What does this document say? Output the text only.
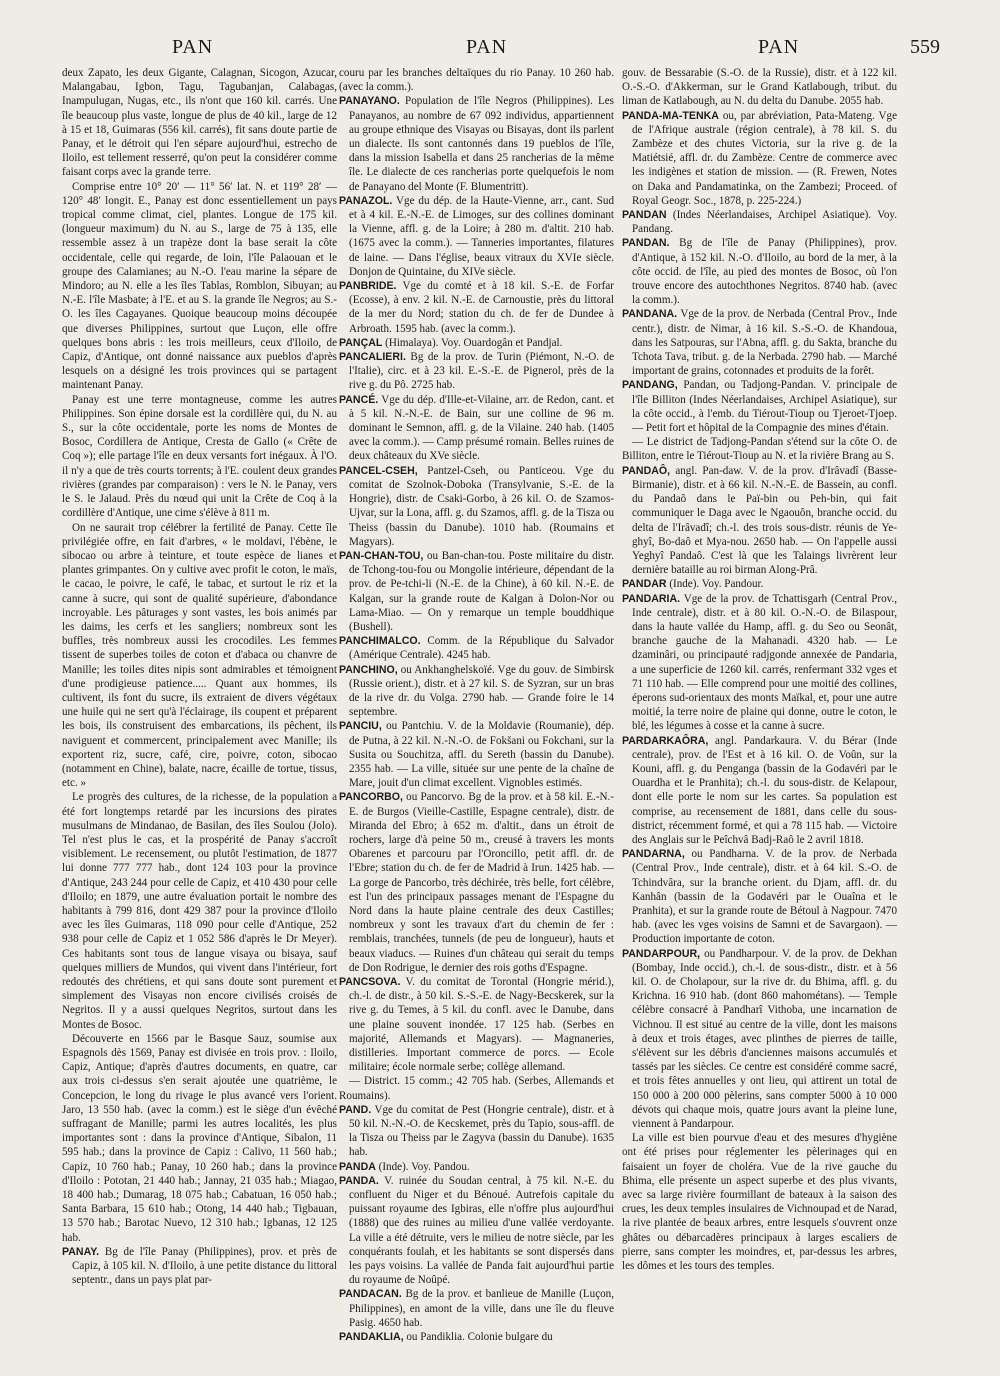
PAN	PAN	PAN	559

deux Zapato, les deux Gigante, Calagnan, Sicogon, Azucar, Malangabau, Igbon, Tagu, Tagubanjan, Calabagas, Inampulugan, Nugas, etc., ils n'ont que 160 kil. carrés. Une île beaucoup plus vaste, longue de plus de 40 kil., large de 12 à 15 et 18, Guimaras (556 kil. carrés), fit sans doute partie de Panay, et le détroit qui l'en sépare aujourd'hui, estrecho de Iloilo, est tellement resserré, qu'on peut la considérer comme faisant corps avec la grande terre.

Comprise entre 10° 20′ — 11° 56′ lat. N. et 119° 28′ — 120° 48′ longit. E., Panay est donc essentiellement un pays tropical comme climat, ciel, plantes. Longue de 175 kil. (longueur maximum) du N. au S., large de 75 à 135, elle ressemble assez à un trapèze dont la base serait la côte occidentale, celle qui regarde, de loin, l'île Palaouan et le groupe des Calamianes; au N.-O. l'eau marine la sépare de Mindoro; au N. elle a les îles Tablas, Romblon, Sibuyan; au N.-E. l'île Masbate; à l'E. et au S. la grande île Negros; au S.-O. les îles Cagayanes. Quoique beaucoup moins découpée que diverses Philippines, surtout que Luçon, elle offre quelques bons abris : les trois meilleurs, ceux d'Iloilo, de Capiz, d'Antique, ont donné naissance aux pueblos d'après lesquels on a désigné les trois provinces qui se partagent maintenant Panay.

Panay est une terre montagneuse, comme les autres Philippines. Son épine dorsale est la cordillère qui, du N. au S., sur la côte occidentale, porte les noms de Montes de Bosoc, Cordillera de Antique, Cresta de Gallo (« Crête de Coq »); elle partage l'île en deux versants fort inégaux. À l'O. il n'y a que de très courts torrents; à l'E. coulent deux grandes rivières (grandes par comparaison) : vers le N. le Panay, vers le S. le Jalaud. Près du nœud qui unit la Crête de Coq à la cordillère d'Antique, une cime s'élève à 811 m.

On ne saurait trop célébrer la fertilité de Panay. Cette île privilégiée offre, en fait d'arbres, « le moldavi, l'ébène, le sibocao ou arbre à teinture, et toute espèce de lianes et plantes grimpantes. On y cultive avec profit le coton, le maïs, le cacao, le poivre, le café, le tabac, et surtout le riz et la canne à sucre, qui sont de qualité supérieure, d'abondance incroyable. Les pâturages y sont vastes, les bois animés par les daims, les cerfs et les sangliers; nombreux sont les buffles, très nombreux aussi les crocodiles. Les femmes tissent de superbes toiles de coton et d'abaca ou chanvre de Manille; les toiles dites nipis sont admirables et témoignent d'une prodigieuse patience..... Quant aux hommes, ils cultivent, ils font du sucre, ils extraient de divers végétaux une huile qui ne sert qu'à l'éclairage, ils coupent et préparent les bois, ils construisent des embarcations, ils pêchent, ils naviguent et commercent, principalement avec Manille; ils exportent riz, sucre, café, cire, poivre, coton, sibocao (notamment en Chine), balate, nacre, écaille de tortue, tissus, etc. »

Le progrès des cultures, de la richesse, de la population a été fort longtemps retardé par les incursions des pirates musulmans de Mindanao, de Basilan, des îles Soulou (Jolo). Tel n'est plus le cas, et la prospérité de Panay s'accroît visiblement. Le recensement, ou plutôt l'estimation, de 1877 lui donne 777 777 hab., dont 124 103 pour la province d'Antique, 243 244 pour celle de Capiz, et 410 430 pour celle d'Iloilo; en 1879, une autre évaluation portait le nombre des habitants à 799 816, dont 429 387 pour la province d'Iloilo avec les îles Guimaras, 118 090 pour celle d'Antique, 252 938 pour celle de Capiz et 1 052 586 d'après le Dr Meyer). Ces habitants sont tous de langue visaya ou bisaya, sauf quelques milliers de Mundos, qui vivent dans l'intérieur, fort redoutés des chrétiens, et qui sans doute sont purement et simplement des Visayas non encore civilisés croisés de Negritos. Il y a aussi quelques Negritos, surtout dans les Montes de Bosoc.

Découverte en 1566 par le Basque Sauz, soumise aux Espagnols dès 1569, Panay est divisée en trois prov. : Iloilo, Capiz, Antique; d'après d'autres documents, en quatre, car aux trois ci-dessus s'en serait ajoutée une quatrième, le Concepcion, le long du rivage le plus avancé vers l'orient. Jaro, 13 550 hab. (avec la comm.) est le siège d'un évêché suffragant de Manille; parmi les autres localités, les plus importantes sont : dans la province d'Antique, Sibalon, 11 595 hab.; dans la province de Capiz : Calivo, 11 560 hab.; Capiz, 10 760 hab.; Panay, 10 260 hab.; dans la province d'Iloilo : Pototan, 21 440 hab.; Jannay, 21 035 hab.; Miagao, 18 400 hab.; Dumarag, 18 075 hab.; Cabatuan, 16 050 hab.; Santa Barbara, 15 610 hab.; Otong, 14 440 hab.; Tigbauan, 13 570 hab.; Barotac Nuevo, 12 310 hab.; Igbanas, 12 125 hab.

PANAY. Bg de l'île Panay (Philippines), prov. et près de Capiz, à 105 kil. N. d'Iloilo, à une petite distance du littoral septentr., dans un pays plat par-

couru par les branches deltaïques du rio Panay. 10 260 hab. (avec la comm.).

PANAYANO. Population de l'île Negros (Philippines). Les Panayanos, au nombre de 67 092 individus, appartiennent au groupe ethnique des Visayas ou Bisayas, dont ils parlent un dialecte. Ils sont cantonnés dans 19 pueblos de l'île, dans la mission Isabella et dans 25 rancherias de la même île. Le dialecte de ces rancherias porte quelquefois le nom de Panayano del Monte (F. Blumentritt).

PANAZOL. Vge du dép. de la Haute-Vienne, arr., cant. Sud et à 4 kil. E.-N.-E. de Limoges, sur des collines dominant la Vienne, affl. g. de la Loire; à 280 m. d'altit. 210 hab. (1675 avec la comm.). — Tanneries importantes, filatures de laine. — Dans l'église, beaux vitraux du XVIe siècle. Donjon de Quintaine, du XIVe siècle.

PANBRIDE. Vge du comté et à 18 kil. S.-E. de Forfar (Ecosse), à env. 2 kil. N.-E. de Carnoustie, près du littoral de la mer du Nord; station du ch. de fer de Dundee à Arbroath. 1595 hab. (avec la comm.).

PANÇAL (Himalaya). Voy. Ouardogân et Pandjal.

PANCALIERI. Bg de la prov. de Turin (Piémont, N.-O. de l'Italie), circ. et à 23 kil. E.-S.-E. de Pignerol, près de la rive g. du Pô. 2725 hab.

PANCÉ. Vge du dép. d'Ille-et-Vilaine, arr. de Redon, cant. et à 5 kil. N.-N.-E. de Bain, sur une colline de 96 m. dominant le Semnon, affl. g. de la Vilaine. 240 hab. (1405 avec la comm.). — Camp présumé romain. Belles ruines de deux châteaux du XVe siècle.

PANCEL-CSEH, Pantzel-Cseh, ou Panticeou. Vge du comitat de Szolnok-Doboka (Transylvanie, S.-E. de la Hongrie), distr. de Csaki-Gorbo, à 26 kil. O. de Szamos-Ujvar, sur la Lona, affl. g. du Szamos, affl. g. de la Tisza ou Theiss (bassin du Danube). 1010 hab. (Roumains et Magyars).

PAN-CHAN-TOU, ou Ban-chan-tou. Poste militaire du distr. de Tchong-tou-fou ou Mongolie intérieure, dépendant de la prov. de Pe-tchi-li (N.-E. de la Chine), à 60 kil. N.-E. de Kalgan, sur la grande route de Kalgan à Dolon-Nor ou Lama-Miao. — On y remarque un temple bouddhique (Bushell).

PANCHIMALCO. Comm. de la République du Salvador (Amérique Centrale). 4245 hab.

PANCHINO, ou Ankhanghelskoïé. Vge du gouv. de Simbirsk (Russie orient.), distr. et à 27 kil. S. de Syzran, sur un bras de la rive dr. du Volga. 2790 hab. — Grande foire le 14 septembre.

PANCIU, ou Pantchiu. V. de la Moldavie (Roumanie), dép. de Putna, à 22 kil. N.-N.-O. de Fokšani ou Fokchani, sur la Susita ou Souchitza, affl. du Sereth (bassin du Danube). 2355 hab. — La ville, située sur une pente de la chaîne de Mare, jouit d'un climat excellent. Vignobles estimés.

PANCORBO, ou Pancorvo. Bg de la prov. et à 58 kil. E.-N.-E. de Burgos (Vieille-Castille, Espagne centrale), distr. de Miranda del Ebro; à 652 m. d'altit., dans un étroit de rochers, large d'à peine 50 m., creusé à travers les monts Obarenes et parcouru par l'Oroncillo, petit affl. dr. de l'Ebre; station du ch. de fer de Madrid à Irun. 1425 hab. — La gorge de Pancorbo, très déchirée, très belle, fort célèbre, est l'un des principaux passages menant de l'Espagne du Nord dans la haute plaine centrale des deux Castilles; nombreux y sont les travaux d'art du chemin de fer : remblais, tranchées, tunnels (de peu de longueur), hauts et beaux viaducs. — Ruines d'un château qui serait du temps de Don Rodrigue, le dernier des rois goths d'Espagne.

PANCSOVA. V. du comitat de Torontal (Hongrie mérid.), ch.-l. de distr., à 50 kil. S.-S.-E. de Nagy-Becskerek, sur la rive g. du Temes, à 5 kil. du confl. avec le Danube, dans une plaine souvent inondée. 17 125 hab. (Serbes en majorité, Allemands et Magyars). — Magnaneries, distilleries. Important commerce de porcs. — Ecole militaire; école normale serbe; collège allemand.

— District. 15 comm.; 42 705 hab. (Serbes, Allemands et Roumains).

PAND. Vge du comitat de Pest (Hongrie centrale), distr. et à 50 kil. N.-N.-O. de Kecskemet, près du Tapio, sous-affl. de la Tisza ou Theiss par le Zagyva (bassin du Danube). 1635 hab.

PANDA (Inde). Voy. Pandou.

PANDA. V. ruinée du Soudan central, à 75 kil. N.-E. du confluent du Niger et du Bénoué. Autrefois capitale du puissant royaume des Igbiras, elle n'offre plus aujourd'hui (1888) que des ruines au milieu d'une vallée verdoyante. La ville a été détruite, vers le milieu de notre siècle, par les conquérants foulah, et les habitants se sont dispersés dans les pays voisins. La vallée de Panda fait aujourd'hui partie du royaume de Noûpé.

PANDACAN. Bg de la prov. et banlieue de Manille (Luçon, Philippines), en amont de la ville, dans une île du fleuve Pasig. 4650 hab.

PANDAKLIA, ou Pandiklia. Colonie bulgare du

gouv. de Bessarabie (S.-O. de la Russie), distr. et à 122 kil. O.-S.-O. d'Akkerman, sur le Grand Katlabough, tribut. du liman de Katlabough, au N. du delta du Danube. 2055 hab.

PANDA-MA-TENKA ou, par abréviation, Pata-Mateng. Vge de l'Afrique australe (région centrale), à 78 kil. S. du Zambèze et des chutes Victoria, sur la rive g. de la Matiétsié, affl. dr. du Zambèze. Centre de commerce avec les indigènes et station de mission. — (R. Frewen, Notes on Daka and Pandamatinka, on the Zambezi; Proceed. of Royal Geogr. Soc., 1878, p. 225-224.)

PANDAN (Indes Néerlandaises, Archipel Asiatique). Voy. Pandang.

PANDAN. Bg de l'île de Panay (Philippines), prov. d'Antique, à 152 kil. N.-O. d'Iloilo, au bord de la mer, à la côte occid. de l'île, au pied des montes de Bosoc, où l'on trouve encore des autochthones Negritos. 8740 hab. (avec la comm.).

PANDANA. Vge de la prov. de Nerbada (Central Prov., Inde centr.), distr. de Nimar, à 16 kil. S.-S.-O. de Khandoua, dans les Satpouras, sur l'Abna, affl. g. du Sakta, branche du Tchota Tava, tribut. g. de la Nerbada. 2790 hab. — Marché important de grains, cotonnades et produits de la forêt.

PANDANG, Pandan, ou Tadjong-Pandan. V. principale de l'île Billiton (Indes Néerlandaises, Archipel Asiatique), sur la côte occid., à l'emb. du Tiérout-Tioup ou Tjeroet-Tjoep. — Petit fort et hôpital de la Compagnie des mines d'étain.

— Le district de Tadjong-Pandan s'étend sur la côte O. de Billiton, entre le Tiérout-Tioup au N. et la rivière Brang au S.

PANDAÔ, angl. Pan-daw. V. de la prov. d'Irâvadî (Basse-Birmanie), distr. et à 66 kil. N.-N.-E. de Bassein, au confl. du Pandaô dans le Paï-bin ou Peh-bin, qui fait communiquer le Daga avec le Ngaouôn, branche occid. du delta de l'Irâvadî; ch.-l. des trois sous-distr. réunis de Ye-ghyî, Bo-daô et Mya-nou. 2650 hab. — On l'appelle aussi Yeghyî Pandaô. C'est là que les Talaings livrèrent leur dernière bataille au roi birman Along-Prâ.

PANDAR (Inde). Voy. Pandour.

PANDARIA. Vge de la prov. de Tchattisgarh (Central Prov., Inde centrale), distr. et à 80 kil. O.-N.-O. de Bilaspour, dans la haute vallée du Hamp, affl. g. du Seo ou Seonât, branche gauche de la Mahanadi. 4320 hab. — Le dzaminâri, ou principauté radjgonde annexée de Pandaria, a une superficie de 1260 kil. carrés, renfermant 332 vges et 71 110 hab. — Elle comprend pour une moitié des collines, éperons sud-orientaux des monts Maïkal, et, pour une autre moitié, la terre noire de plaine qui donne, outre le coton, le blé, les légumes à cosse et la canne à sucre.

PARDARKAÔRA, angl. Pandarkaura. V. du Bérar (Inde centrale), prov. de l'Est et à 16 kil. O. de Voûn, sur la Kouni, affl. g. du Penganga (bassin de la Godavéri par le Ouardha et le Pranhita); ch.-l. du sous-distr. de Kelapour, dont elle porte le nom sur les cartes. Sa population est comprise, au recensement de 1881, dans celle du sous-district, récemment formé, et qui a 78 115 hab. — Victoire des Anglais sur le Peîchvâ Badj-Raô le 2 avril 1818.

PANDARNA, ou Pandharna. V. de la prov. de Nerbada (Central Prov., Inde centrale), distr. et à 64 kil. S.-O. de Tchindvâra, sur la branche orient. du Djam, affl. dr. du Kanhân (bassin de la Godavéri par le Ouaîna et le Pranhita), et sur la grande route de Bétoul à Nagpour. 7470 hab. (avec les vges voisins de Samni et de Savargaon). — Production importante de coton.

PANDARPOUR, ou Pandharpour. V. de la prov. de Dekhan (Bombay, Inde occid.), ch.-l. de sous-distr., distr. et à 56 kil. O. de Cholapour, sur la rive dr. du Bhima, affl. g. du Krichna. 16 910 hab. (dont 860 mahométans). — Temple célèbre consacré à Pandharî Vithoba, une incarnation de Vichnou. Il est situé au centre de la ville, dont les maisons à deux et trois étages, avec plinthes de pierres de taille, s'élèvent sur les débris d'anciennes maisons accumulés et tassés par les siècles. Ce centre est considéré comme sacré, et trois fêtes annuelles y ont lieu, qui attirent un total de 150 000 à 200 000 pèlerins, sans compter 5000 à 10 000 dévots qui chaque mois, quatre jours avant la pleine lune, viennent à Pandarpour.

La ville est bien pourvue d'eau et des mesures d'hygiène ont été prises pour réglementer les pèlerinages qui en faisaient un foyer de choléra. Vue de la rive gauche du Bhima, elle présente un aspect superbe et des plus vivants, avec sa large rivière fourmillant de bateaux à la saison des crues, les deux temples insulaires de Vichnoupad et de Narad, la rive plantée de beaux arbres, entre lesquels s'ouvrent onze ghâtes ou débarcadères principaux à larges escaliers de pierre, sans compter les moindres, et, par-dessus les arbres, les dômes et les tours des temples.
